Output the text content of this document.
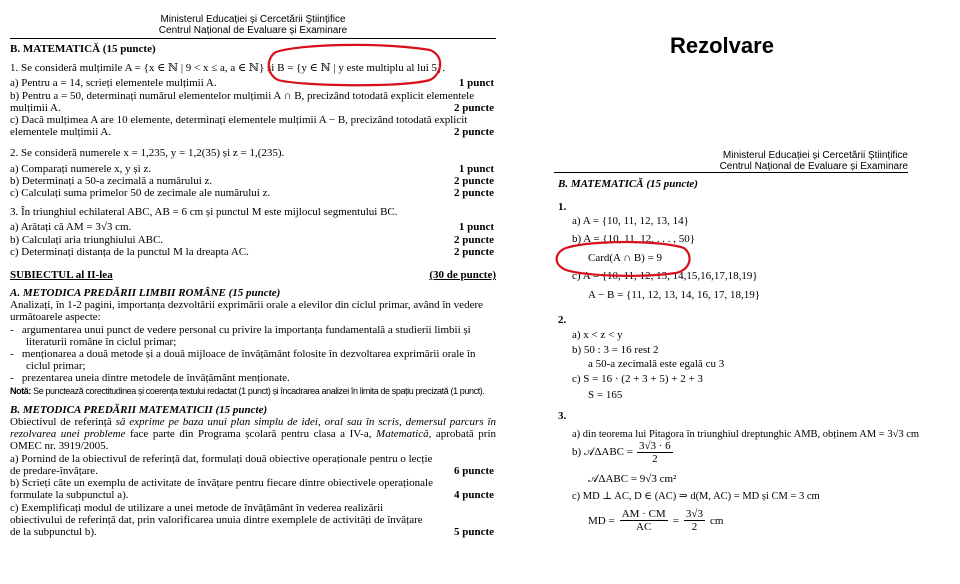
Ministerul Educației și Cercetării Științifice
Centrul Național de Evaluare și Examinare
B. MATEMATICĂ (15 puncte)
1. Se consideră mulțimile A = {x ∈ ℕ | 9 < x ≤ a, a ∈ ℕ} și B = {y ∈ ℕ | y este multiplu al lui 5}.
a) Pentru a = 14, scrieți elementele mulțimii A.	1 punct
b) Pentru a = 50, determinați numărul elementelor mulțimii A ∩ B, precizând totodată explicit elementele
mulțimii A.	2 puncte
c) Dacă mulțimea A are 10 elemente, determinați elementele mulțimii A − B, precizând totodată explicit
elementele mulțimii A.	2 puncte
2. Se consideră numerele x = 1,235, y = 1,2(35) și z = 1,(235).
a) Comparați numerele x, y și z.	1 punct
b) Determinați a 50-a zecimală a numărului z.	2 puncte
c) Calculați suma primelor 50 de zecimale ale numărului z.	2 puncte
3. În triunghiul echilateral ABC, AB = 6 cm și punctul M este mijlocul segmentului BC.
a) Arătați că AM = 3√3 cm.	1 punct
b) Calculați aria triunghiului ABC.	2 puncte
c) Determinați distanța de la punctul M la dreapta AC.	2 puncte
SUBIECTUL al II-lea	(30 de puncte)
A. METODICA PREDĂRII LIMBII ROMÂNE (15 puncte)
Analizați, în 1-2 pagini, importanța dezvoltării exprimării orale a elevilor din ciclul primar, având în vedere următoarele aspecte:
-   argumentarea unui punct de vedere personal cu privire la importanța fundamentală a studierii limbii și literaturii române în ciclul primar;
-   menționarea a două metode și a două mijloace de învățământ folosite în dezvoltarea exprimării orale în ciclul primar;
-   prezentarea uneia dintre metodele de învățământ menționate.
Notă: Se punctează corectitudinea și coerența textului redactat (1 punct) și încadrarea analizei în limita de spațiu precizată (1 punct).
B. METODICA PREDĂRII MATEMATICII (15 puncte)
Obiectivul de referință să exprime pe baza unui plan simplu de idei, oral sau în scris, demersul parcurs în rezolvarea unei probleme face parte din Programa școlară pentru clasa a IV-a, Matematică, aprobată prin OMEC nr. 3919/2005.
a) Pornind de la obiectivul de referință dat, formulați două obiective operaționale pentru o lecție de predare-învățare.	6 puncte
b) Scrieți câte un exemplu de activitate de învățare pentru fiecare dintre obiectivele operaționale formulate la subpunctul a).	4 puncte
c) Exemplificați modul de utilizare a unei metode de învățământ în vederea realizării obiectivului de referință dat, prin valorificarea unuia dintre exemplele de activități de învățare de la subpunctul b).	5 puncte
Rezolvare
Ministerul Educației și Cercetării Științifice
Centrul Național de Evaluare și Examinare
B. MATEMATICĂ (15 puncte)
1.
a) A = {10, 11, 12, 13, 14}
b) A = {10, 11, 12, . . . , 50}
Card(A ∩ B) = 9
c) A = {10, 11, 12, 13, 14,15,16,17,18,19}
A − B = {11, 12, 13, 14, 16, 17, 18,19}
2.
a) x < z < y
b) 50 : 3 = 16 rest 2
a 50-a zecimală este egală cu 3
c) S = 16 · (2 + 3 + 5) + 2 + 3
S = 165
3.
a) din teorema lui Pitagora în triunghiul dreptunghic AMB, obținem AM = 3√3 cm
b) 𝒜ΔABC = $\frac{3√3 \cdot 6}{2}$
𝒜ΔABC = 9√3 cm²
c) MD ⊥ AC, D ∈ (AC) ⇒ d(M, AC) = MD și CM = 3 cm
MD = $\frac{AM \cdot CM}{AC} = \frac{3√3}{2}$ cm
